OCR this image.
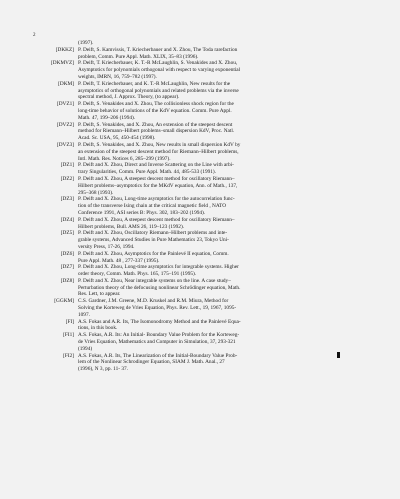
2
(1997).
[DKKZ] P. Deift, S. Kamvissis, T. Kriecherbauer and X. Zhou, The Toda rarefaction
problem, Comm. Pure Appl. Math. XLIX, 35–83 (1996).
[DKMVZ] P. Deift, T. Kriecherbauer, K. T.-R McLaughlin, S. Venakides and X. Zhou,
Asymptotics for polynomials orthogonal with respect to varying exponential
weights, IMRN, 16, 759–782 (1997).
[DKM] P. Deift, T. Kriecherbauer, and K. T.-R McLaughlin, New results for the
asymptotics of orthogonal polynomials and related problems via the inverse
spectral method, J. Approx. Theory, (to appear).
[DVZ1] P. Deift, S. Venakides and X. Zhou, The collisionless shock region for the
long-time behavior of solutions of the KdV equation. Comm. Pure Appl.
Math. 47, 199–206 (1994).
[DVZ2] P. Deift, S. Venakides, and X. Zhou, An extension of the steepest descent
method for Riemann–Hilbert problems–small dispersion KdV, Proc. Natl.
Acad. Sc. USA, 95, 450-454 (1998).
[DVZ3] P. Deift, S. Venakides, and X. Zhou, New results in small dispersion KdV by
an extension of the steepest descent method for Riemann–Hilbert problems,
Intl. Math. Res. Notices 6, 285–299 (1997).
[DZ1] P. Deift and X. Zhou, Direct and Inverse Scattering on the Line with arbi-
trary Singularities, Comm. Pure Appl. Math. 44, 485-533 (1991).
[DZ2] P. Deift and X. Zhou, A steepest descent method for oscillatory Riemann–
Hilbert problems–asymptotics for the MKdV equation, Ann. of Math., 137,
295–368 (1993).
[DZ3] P. Deift and X. Zhou, Long-time asymptotics for the autocorrelation func-
tion of the transverse Ising chain at the critical magnetic field , NATO
Conference 1991, ASI series B: Phys. 302, 183–202 (1994).
[DZ4] P. Deift and X. Zhou, A steepest descent method for oscillatory Riemann–
Hilbert problems, Bull. AMS 26, 119–123 (1992).
[DZ5] P. Deift and X. Zhou, Oscillatory Riemann–Hilbert problems and inte-
grable systems, Advanced Studies in Pure Mathematics 23, Tokyo Uni-
versity Press, 17-26, 1994.
[DZ6] P. Deift and X. Zhou, Asymptotics for the Painlevé II equation, Comm.
Pure Appl. Math. 48 , 277-337 (1995).
[DZ7] P. Deift and X. Zhou, Long-time asymptotics for integrable systems. Higher
order theory, Comm. Math. Phys. 165, 175–191 (1995).
[DZ8] P. Deift and X. Zhou, Near integrable systems on the line. A case study–
Perturbation theory of the defocusing nonlinear Schrödinger equation, Math.
Res. Lett, to appear.
[GGKM] C.S. Gardner, J.M. Greene, M.D. Kruskel and R.M. Miura, Method for
Solving the Korteweg de Vries Equation, Phys. Rev. Lett., 19, 1967, 1095-
1097.
[FI] A.S. Fokas and A.R. Its, The Isomonodromy Method and the Painlevé Equa-
tions, in this book.
[FI1] A.S. Fokas, A.R. Its: An Initial- Boundary Value Problem for the Korteweg-
de Vries Equation, Mathematics and Computer in Simulation, 37, 293-321
(1994)
[FI2] A.S. Fokas, A.R. Its, The Linearization of the Initial-Boundary Value Prob-
lem of the Nonlinear Schrodinger Equation, SIAM J. Math. Anal., 27
(1996), N 3, pp. 11- 37.
